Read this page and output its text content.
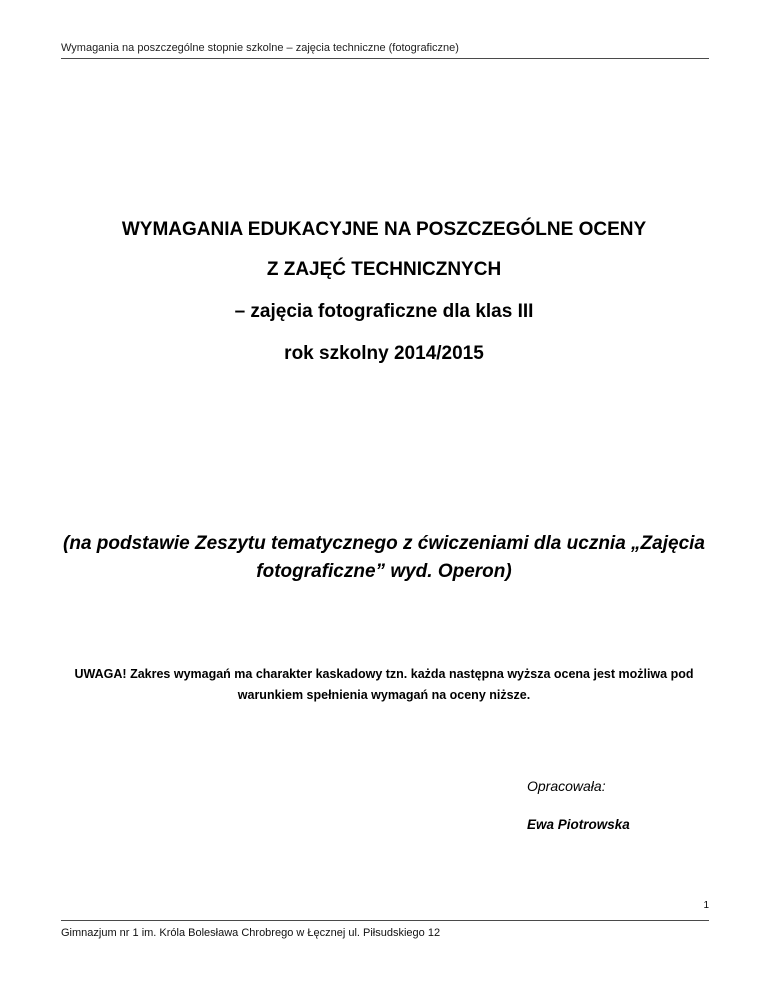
Wymagania na poszczególne stopnie szkolne – zajęcia techniczne (fotograficzne)
WYMAGANIA EDUKACYJNE NA POSZCZEGÓLNE OCENY
Z ZAJĘĆ TECHNICZNYCH
– zajęcia fotograficzne dla klas III
rok szkolny 2014/2015
(na podstawie Zeszytu tematycznego z ćwiczeniami dla ucznia „Zajęcia fotograficzne” wyd. Operon)
UWAGA! Zakres wymagań ma charakter kaskadowy tzn. każda następna wyższa ocena jest możliwa pod warunkiem spełnienia wymagań na oceny niższe.
Opracowała:
Ewa Piotrowska
1
Gimnazjum nr 1 im. Króla Bolesława Chrobrego w Łęcznej ul. Piłsudskiego 12
